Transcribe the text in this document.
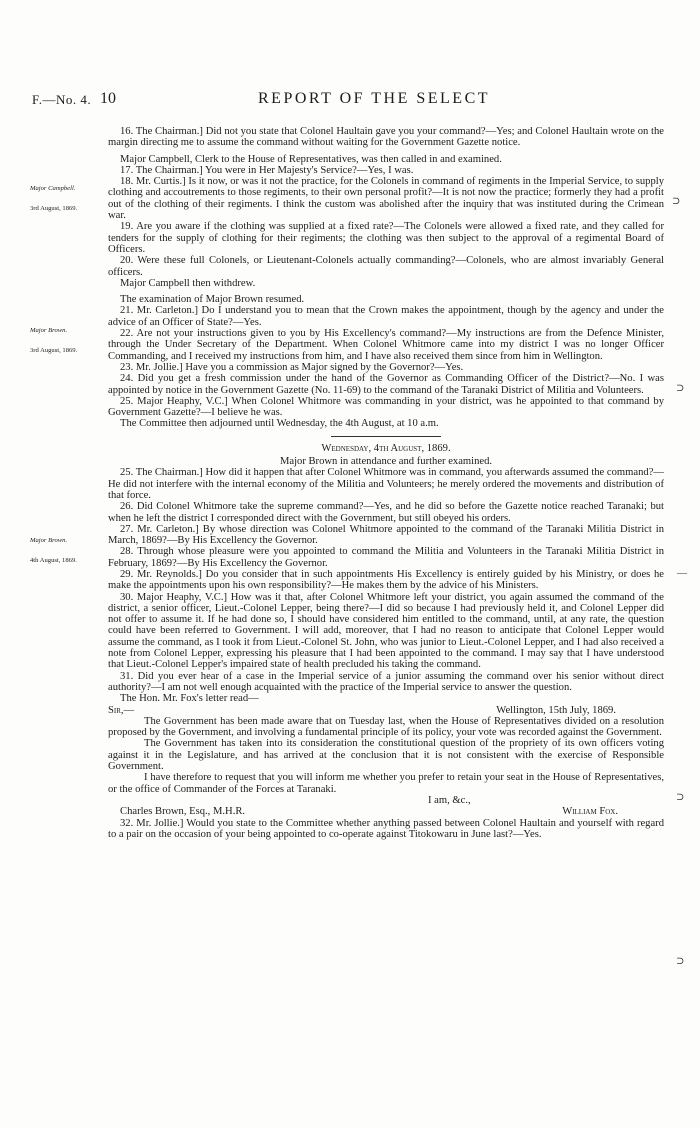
F.—No. 4. 10	REPORT OF THE SELECT
Major Campbell.
3rd August, 1869.
Major Brown.
3rd August, 1869.
Major Brown.
4th August, 1869.
⊃
⊃
—
⊃
⊃

16. The Chairman.] Did not you state that Colonel Haultain gave you your command?—Yes; and Colonel Haultain wrote on the margin directing me to assume the command without waiting for the Government Gazette notice.

Major Campbell, Clerk to the House of Representatives, was then called in and examined.

17. The Chairman.] You were in Her Majesty's Service?—Yes, I was.

18. Mr. Curtis.] Is it now, or was it not the practice, for the Colonels in command of regiments in the Imperial Service, to supply clothing and accoutrements to those regiments, to their own personal profit?—It is not now the practice; formerly they had a profit out of the clothing of their regiments. I think the custom was abolished after the inquiry that was instituted during the Crimean war.

19. Are you aware if the clothing was supplied at a fixed rate?—The Colonels were allowed a fixed rate, and they called for tenders for the supply of clothing for their regiments; the clothing was then subject to the approval of a regimental Board of Officers.

20. Were these full Colonels, or Lieutenant-Colonels actually commanding?—Colonels, who are almost invariably General officers.

Major Campbell then withdrew.

The examination of Major Brown resumed.

21. Mr. Carleton.] Do I understand you to mean that the Crown makes the appointment, though by the agency and under the advice of an Officer of State?—Yes.

22. Are not your instructions given to you by His Excellency's command?—My instructions are from the Defence Minister, through the Under Secretary of the Department. When Colonel Whitmore came into my district I was no longer Officer Commanding, and I received my instructions from him, and I have also received them since from him in Wellington.

23. Mr. Jollie.] Have you a commission as Major signed by the Governor?—Yes.

24. Did you get a fresh commission under the hand of the Governor as Commanding Officer of the District?—No. I was appointed by notice in the Government Gazette (No. 11-69) to the command of the Taranaki District of Militia and Volunteers.

25. Major Heaphy, V.C.] When Colonel Whitmore was commanding in your district, was he appointed to that command by Government Gazette?—I believe he was.

The Committee then adjourned until Wednesday, the 4th August, at 10 a.m.

Wednesday, 4th August, 1869.

Major Brown in attendance and further examined.

25. The Chairman.] How did it happen that after Colonel Whitmore was in command, you afterwards assumed the command?—He did not interfere with the internal economy of the Militia and Volunteers; he merely ordered the movements and distribution of that force.

26. Did Colonel Whitmore take the supreme command?—Yes, and he did so before the Gazette notice reached Taranaki; but when he left the district I corresponded direct with the Government, but still obeyed his orders.

27. Mr. Carleton.] By whose direction was Colonel Whitmore appointed to the command of the Taranaki Militia District in March, 1869?—By His Excellency the Governor.

28. Through whose pleasure were you appointed to command the Militia and Volunteers in the Taranaki Militia District in February, 1869?—By His Excellency the Governor.

29. Mr. Reynolds.] Do you consider that in such appointments His Excellency is entirely guided by his Ministry, or does he make the appointments upon his own responsibility?—He makes them by the advice of his Ministers.

30. Major Heaphy, V.C.] How was it that, after Colonel Whitmore left your district, you again assumed the command of the district, a senior officer, Lieut.-Colonel Lepper, being there?—I did so because I had previously held it, and Colonel Lepper did not offer to assume it. If he had done so, I should have considered him entitled to the command, until, at any rate, the question could have been referred to Government. I will add, moreover, that I had no reason to anticipate that Colonel Lepper would assume the command, as I took it from Lieut.-Colonel St. John, who was junior to Lieut.-Colonel Lepper, and I had also received a note from Colonel Lepper, expressing his pleasure that I had been appointed to the command. I may say that I have understood that Lieut.-Colonel Lepper's impaired state of health precluded his taking the command.

31. Did you ever hear of a case in the Imperial service of a junior assuming the command over his senior without direct authority?—I am not well enough acquainted with the practice of the Imperial service to answer the question.

The Hon. Mr. Fox's letter read—

Sir,—	Wellington, 15th July, 1869.

The Government has been made aware that on Tuesday last, when the House of Representatives divided on a resolution proposed by the Government, and involving a fundamental principle of its policy, your vote was recorded against the Government.

The Government has taken into its consideration the constitutional question of the propriety of its own officers voting against it in the Legislature, and has arrived at the conclusion that it is not consistent with the exercise of Responsible Government.

I have therefore to request that you will inform me whether you prefer to retain your seat in the House of Representatives, or the office of Commander of the Forces at Taranaki.

I am, &c.,

Charles Brown, Esq., M.H.R.	William Fox.

32. Mr. Jollie.] Would you state to the Committee whether anything passed between Colonel Haultain and yourself with regard to a pair on the occasion of your being appointed to co-operate against Titokowaru in June last?—Yes.
